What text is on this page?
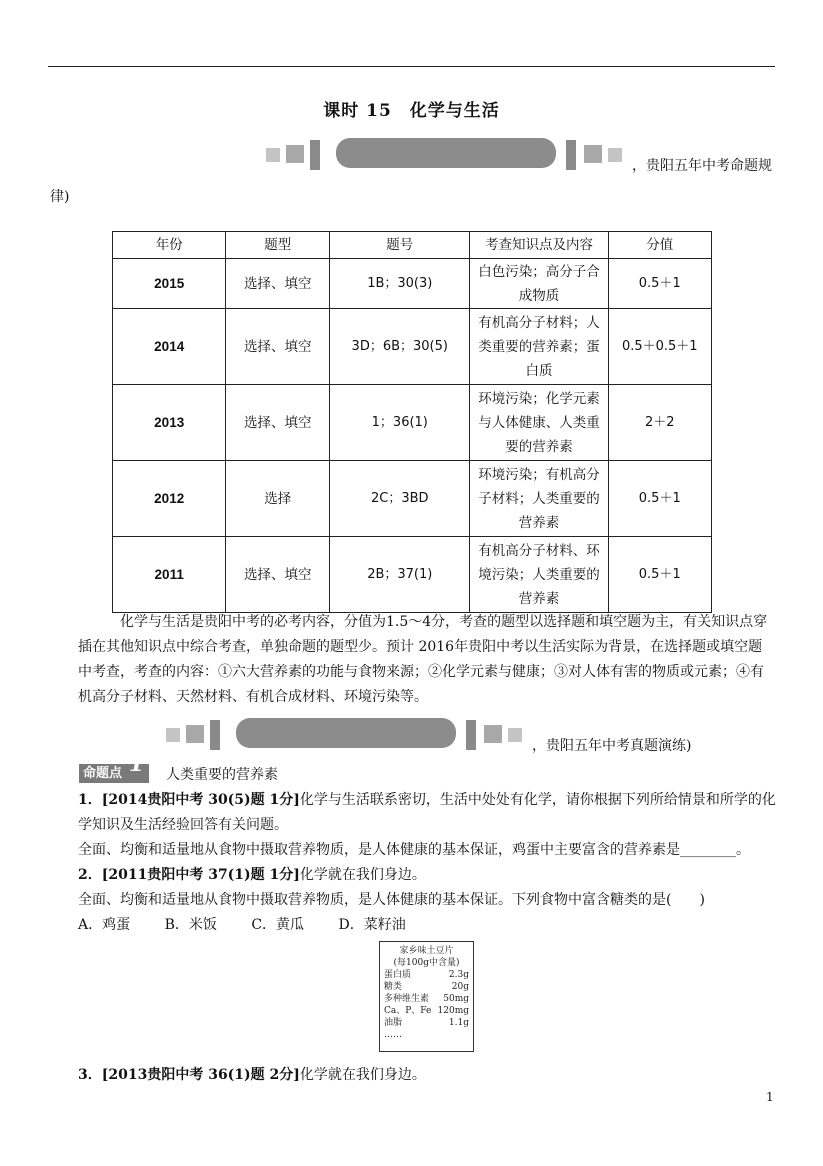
课时 15　化学与生活
，贵阳五年中考命题规
律)
年份	题型	题号	考查知识点及内容	分值
2015	选择、填空	1B；30(3)	白色污染；高分子合
成物质	0.5＋1
2014	选择、填空	3D；6B；30(5)	有机高分子材料；人
类重要的营养素；蛋
白质	0.5＋0.5＋1
2013	选择、填空	1；36(1)	环境污染；化学元素
与人体健康、人类重
要的营养素	2＋2
2012	选择	2C；3BD	环境污染；有机高分
子材料；人类重要的
营养素	0.5＋1
2011	选择、填空	2B；37(1)	有机高分子材料、环
境污染；人类重要的
营养素	0.5＋1
化学与生活是贵阳中考的必考内容，分值为1.5～4分，考查的题型以选择题和填空题为主，有关知识点穿插在其他知识点中综合考查，单独命题的题型少。预计 2016年贵阳中考以生活实际为背景，在选择题或填空题中考查，考查的内容：①六大营养素的功能与食物来源；②化学元素与健康；③对人体有害的物质或元素；④有机高分子材料、天然材料、有机合成材料、环境污染等。
，贵阳五年中考真题演练)
命题点 1 人类重要的营养素
1．[2014贵阳中考 30(5)题 1分]化学与生活联系密切，生活中处处有化学，请你根据下列所给情景和所学的化学知识及生活经验回答有关问题。
全面、均衡和适量地从食物中摄取营养物质，是人体健康的基本保证，鸡蛋中主要富含的营养素是________。
2．[2011贵阳中考 37(1)题 1分]化学就在我们身边。
全面、均衡和适量地从食物中摄取营养物质，是人体健康的基本保证。下列食物中富含糖类的是(　　)
A．鸡蛋 B．米饭 C．黄瓜 D．菜籽油
家乡味土豆片
(每100g中含量)
蛋白质	2.3g
糖类	20g
多种维生素 50mg
Ca、P、Fe 120mg
油脂	1.1g
……
3．[2013贵阳中考 36(1)题 2分]化学就在我们身边。
1
